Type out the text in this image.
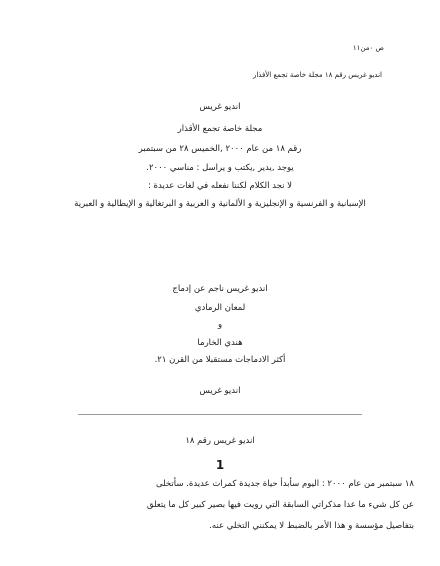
ص ٠من١١
انديو غريس رقم ١٨ مجلة خاصة تجمع الأفذار
انديو غريس
مجلة خاصة تجمع الأقذار
رقم ١٨ من عام ٢٠٠٠ ,الخميس ٢٨ من سبتمبر
يوجد ,يدير ,يكتب و يراسل : مناسي ٢٠٠٠.
لا نجد الكلام لكننا نفعله في لغات عديدة :
الإسبانية و الفرنسية و الإنجليزية و الألمانية و العربية و البرتغالية و الإيطالية و العبرية
انديو غريس ناجم عن إدماج
لمعان الرمادي
و
هندي الخارما
أكثر الادماجات مستقبلا من القرن ٢١.
انديو غريس
انديو غريس رقم ١٨
1
١٨ سبتمبر من عام ٢٠٠٠ : اليوم سأبدأ حياة جديدة كمرات عديدة. سأتخلى
عن كل شيء ما عدا مذكراتي السابقة التي رويت فيها بصير كبير كل ما يتعلق
بتفاصيل مؤسسة و هذا الأمر بالضبط لا يمكنني التخلي عنه.
